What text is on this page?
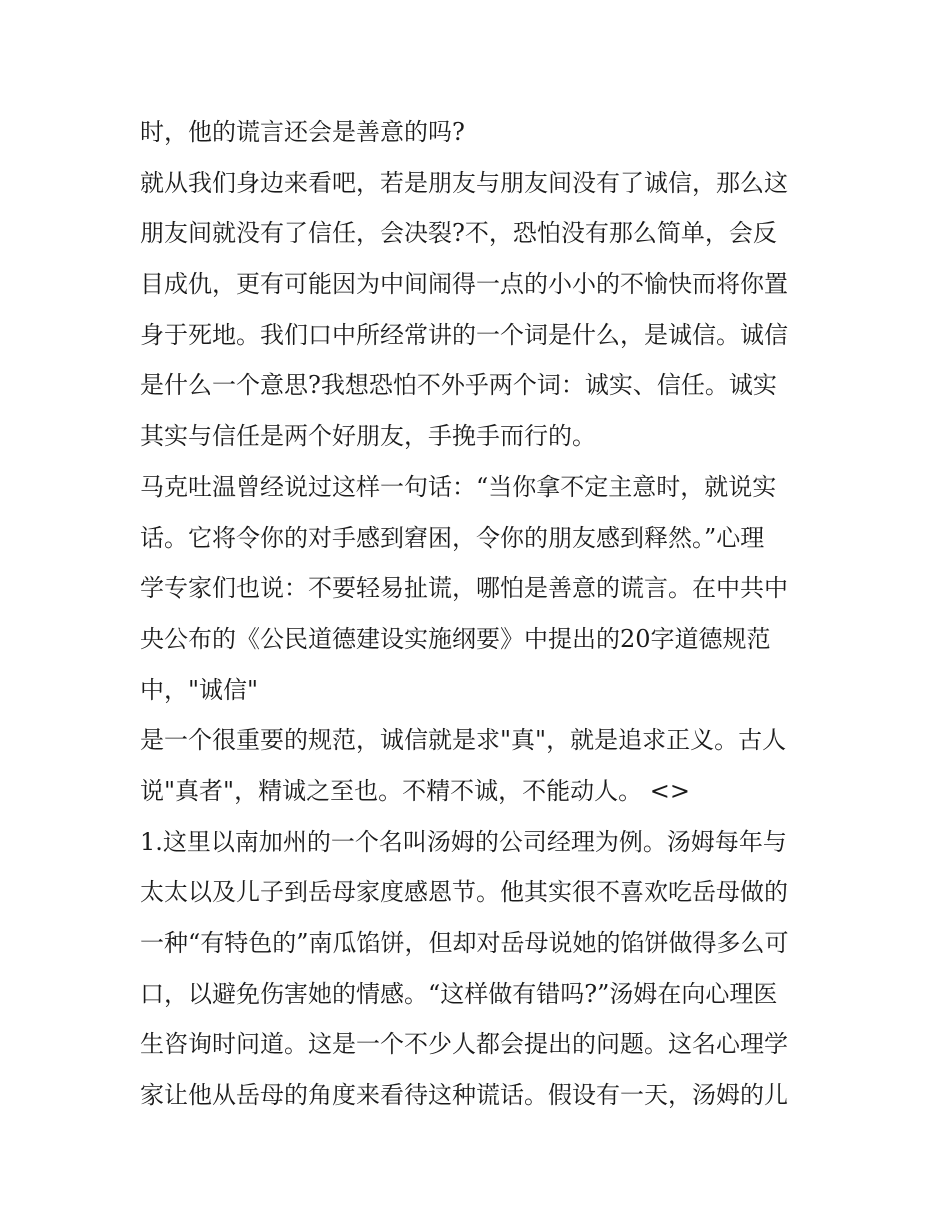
时，他的谎言还会是善意的吗?
就从我们身边来看吧，若是朋友与朋友间没有了诚信，那么这
朋友间就没有了信任，会决裂?不，恐怕没有那么简单，会反
目成仇，更有可能因为中间闹得一点的小小的不愉快而将你置
身于死地。我们口中所经常讲的一个词是什么，是诚信。诚信
是什么一个意思?我想恐怕不外乎两个词：诚实、信任。诚实
其实与信任是两个好朋友，手挽手而行的。
马克吐温曾经说过这样一句话：“当你拿不定主意时，就说实
话。它将令你的对手感到窘困，令你的朋友感到释然。”心理
学专家们也说：不要轻易扯谎，哪怕是善意的谎言。在中共中
央公布的《公民道德建设实施纲要》中提出的20字道德规范
中，"诚信"
是一个很重要的规范，诚信就是求"真"，就是追求正义。古人
说"真者"，精诚之至也。不精不诚，不能动人。 <>
1.这里以南加州的一个名叫汤姆的公司经理为例。汤姆每年与
太太以及儿子到岳母家度感恩节。他其实很不喜欢吃岳母做的
一种“有特色的”南瓜馅饼，但却对岳母说她的馅饼做得多么可
口，以避免伤害她的情感。“这样做有错吗?”汤姆在向心理医
生咨询时问道。这是一个不少人都会提出的问题。这名心理学
家让他从岳母的角度来看待这种谎话。假设有一天，汤姆的儿
